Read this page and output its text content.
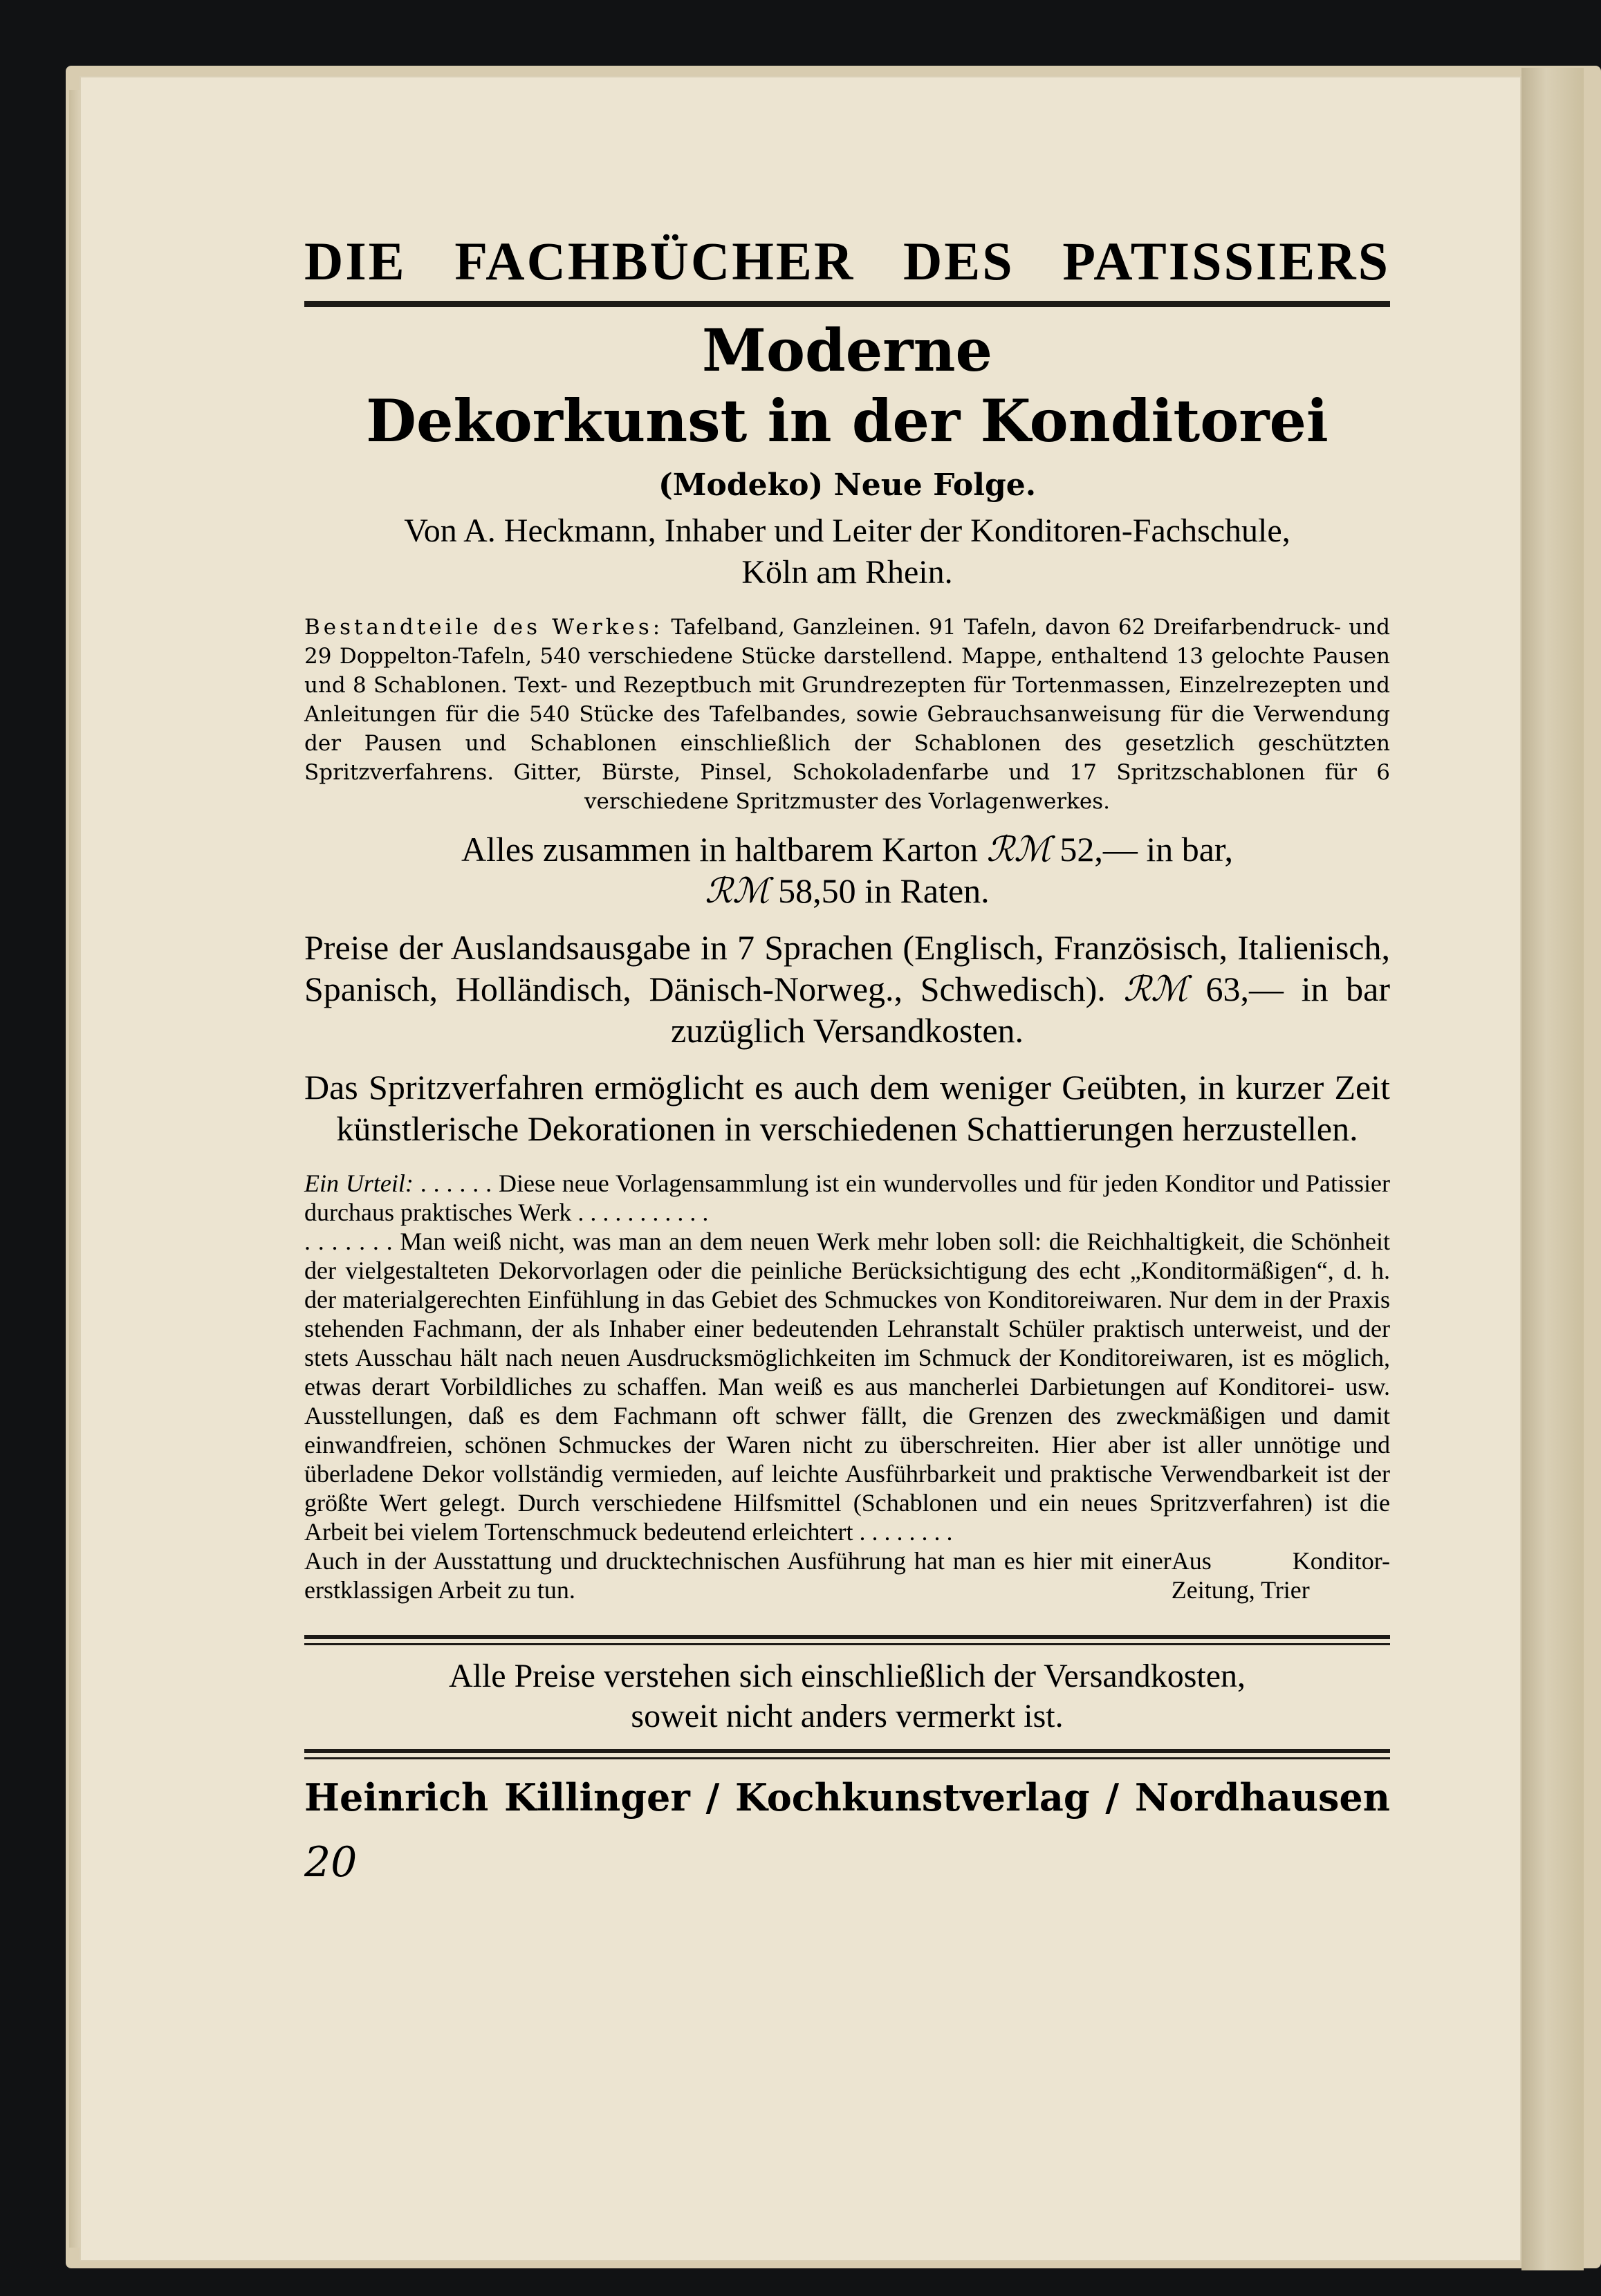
DIE FACHBÜCHER DES PATISSIERS
Moderne
Dekorkunst in der Konditorei
(Modeko) Neue Folge.
Von A. Heckmann, Inhaber und Leiter der Konditoren-Fachschule,
Köln am Rhein.
Bestandteile des Werkes: Tafelband, Ganzleinen. 91 Tafeln, davon 62 Dreifarbendruck- und 29 Doppelton-Tafeln, 540 verschiedene Stücke darstellend. Mappe, enthaltend 13 gelochte Pausen und 8 Schablonen. Text- und Rezeptbuch mit Grundrezepten für Tortenmassen, Einzelrezepten und Anleitungen für die 540 Stücke des Tafelbandes, sowie Gebrauchsanweisung für die Verwendung der Pausen und Schablonen einschließlich der Schablonen des gesetzlich geschützten Spritzverfahrens. Gitter, Bürste, Pinsel, Schokoladenfarbe und 17 Spritzschablonen für 6 verschiedene Spritzmuster des Vorlagenwerkes.
Alles zusammen in haltbarem Karton ℛℳ 52,— in bar,
ℛℳ 58,50 in Raten.
Preise der Auslandsausgabe in 7 Sprachen (Englisch, Französisch, Italienisch, Spanisch, Holländisch, Dänisch-Norweg., Schwedisch). ℛℳ 63,— in bar zuzüglich Versandkosten.
Das Spritzverfahren ermöglicht es auch dem weniger Geübten, in kurzer Zeit künstlerische Dekorationen in verschiedenen Schattierungen herzustellen.

Ein Urteil: . . . . . . Diese neue Vorlagensammlung ist ein wundervolles und für jeden Konditor und Patissier durchaus praktisches Werk . . . . . . . . . . .

. . . . . . . Man weiß nicht, was man an dem neuen Werk mehr loben soll: die Reichhaltigkeit, die Schönheit der vielgestalteten Dekorvorlagen oder die peinliche Berücksichtigung des echt „Konditormäßigen“, d. h. der materialgerechten Einfühlung in das Gebiet des Schmuckes von Konditoreiwaren. Nur dem in der Praxis stehenden Fachmann, der als Inhaber einer bedeutenden Lehranstalt Schüler praktisch unterweist, und der stets Ausschau hält nach neuen Ausdrucksmöglichkeiten im Schmuck der Konditoreiwaren, ist es möglich, etwas derart Vorbildliches zu schaffen. Man weiß es aus mancherlei Darbietungen auf Konditorei- usw. Ausstellungen, daß es dem Fachmann oft schwer fällt, die Grenzen des zweckmäßigen und damit einwandfreien, schönen Schmuckes der Waren nicht zu überschreiten. Hier aber ist aller unnötige und überladene Dekor vollständig vermieden, auf leichte Ausführbarkeit und praktische Verwendbarkeit ist der größte Wert gelegt. Durch verschiedene Hilfsmittel (Schablonen und ein neues Spritzverfahren) ist die Arbeit bei vielem Tortenschmuck bedeutend erleichtert . . . . . . . .

Auch in der Ausstattung und drucktechnischen Ausführung hat man es hier mit einer erstklassigen Arbeit zu tun.
Aus Konditor-Zeitung, Trier

Alle Preise verstehen sich einschließlich der Versandkosten,
soweit nicht anders vermerkt ist.
Heinrich Killinger / Kochkunstverlag / Nordhausen
20
